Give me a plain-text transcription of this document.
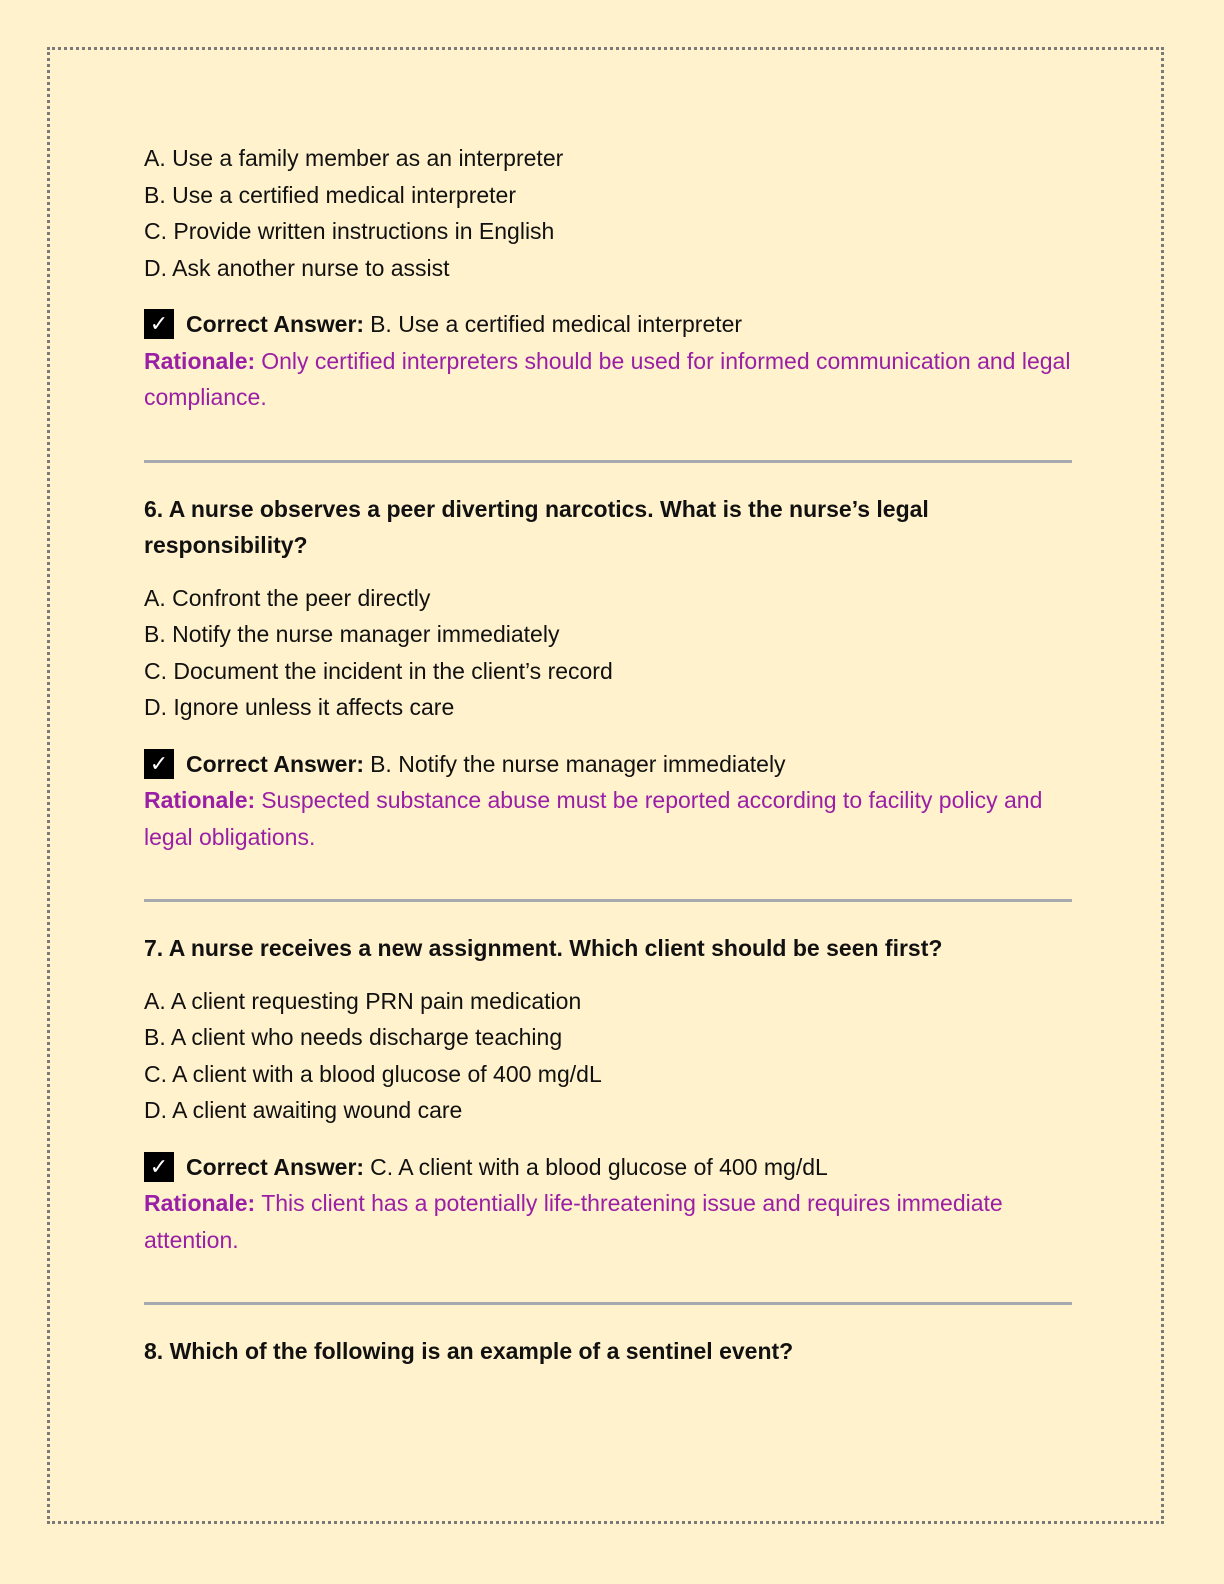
A. Use a family member as an interpreter

B. Use a certified medical interpreter

C. Provide written instructions in English

D. Ask another nurse to assist

✓ Correct Answer: B. Use a certified medical interpreter

Rationale: Only certified interpreters should be used for informed communication and legal compliance.

6. A nurse observes a peer diverting narcotics. What is the nurse’s legal responsibility?

A. Confront the peer directly

B. Notify the nurse manager immediately

C. Document the incident in the client’s record

D. Ignore unless it affects care

✓ Correct Answer: B. Notify the nurse manager immediately

Rationale: Suspected substance abuse must be reported according to facility policy and legal obligations.

7. A nurse receives a new assignment. Which client should be seen first?

A. A client requesting PRN pain medication

B. A client who needs discharge teaching

C. A client with a blood glucose of 400 mg/dL

D. A client awaiting wound care

✓ Correct Answer: C. A client with a blood glucose of 400 mg/dL

Rationale: This client has a potentially life-threatening issue and requires immediate attention.

8. Which of the following is an example of a sentinel event?
